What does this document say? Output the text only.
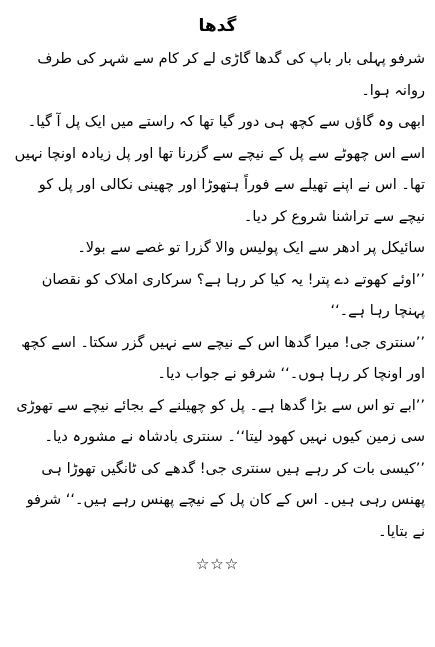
گدھا

شرفو پہلی بار باپ کی گدھا گاڑی لے کر کام سے شہر کی طرف روانہ ہوا۔

ابھی وہ گاؤں سے کچھ ہی دور گیا تھا کہ راستے میں ایک پل آ گیا۔

اسے اس چھوٹے سے پل کے نیچے سے گزرنا تھا اور پل زیادہ اونچا نہیں تھا۔ اس نے اپنے تھیلے سے فوراً ہتھوڑا اور چھینی نکالی اور پل کو نیچے سے تراشنا شروع کر دیا۔

سائیکل پر ادھر سے ایک پولیس والا گزرا تو غصے سے بولا۔

’’اوئے کھوتے دے پتر! یہ کیا کر رہا ہے؟ سرکاری املاک کو نقصان پہنچا رہا ہے۔‘‘

’’سنتری جی! میرا گدھا اس کے نیچے سے نہیں گزر سکتا۔ اسے کچھ اور اونچا کر رہا ہوں۔‘‘ شرفو نے جواب دیا۔

’’ابے تو اس سے بڑا گدھا ہے۔ پل کو چھیلنے کے بجائے نیچے سے تھوڑی سی زمین کیوں نہیں کھود لیتا‘‘۔ سنتری بادشاہ نے مشورہ دیا۔

’’کیسی بات کر رہے ہیں سنتری جی! گدھے کی ٹانگیں تھوڑا ہی پھنس رہی ہیں۔ اس کے کان پل کے نیچے پھنس رہے ہیں۔‘‘ شرفو نے بتایا۔

☆☆☆
